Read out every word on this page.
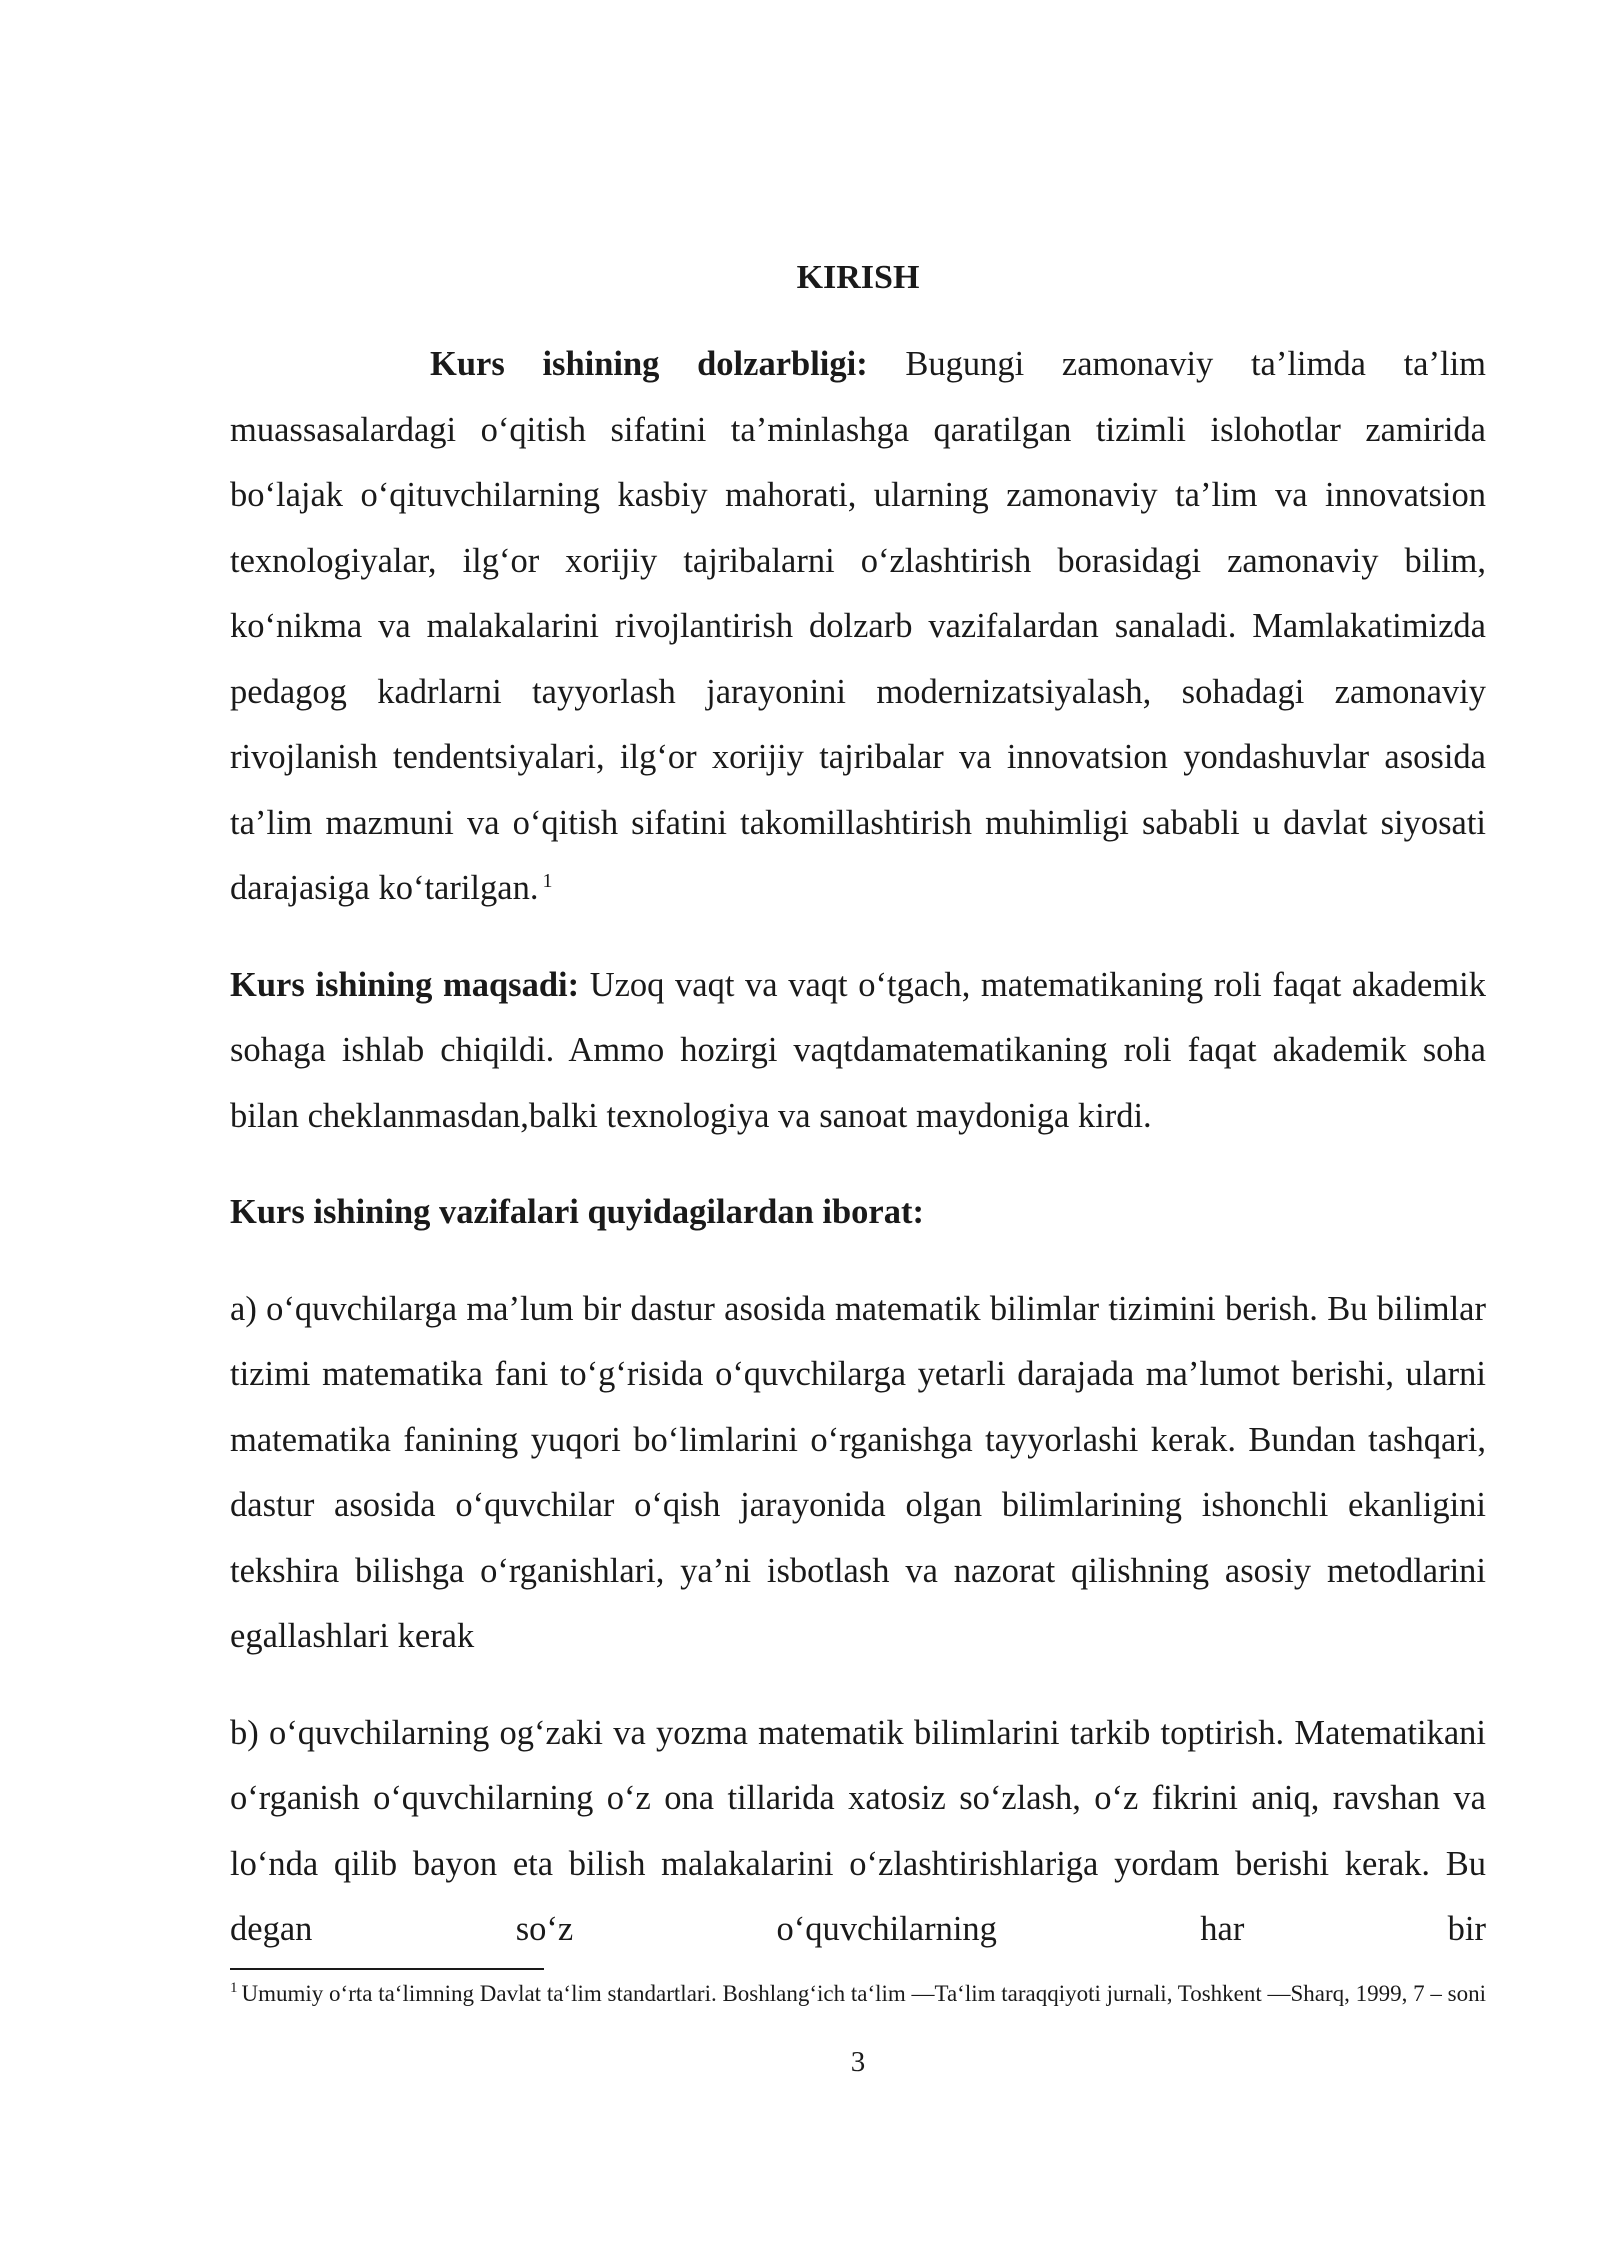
KIRISH

Kurs ishining dolzarbligi: Bugungi zamonaviy ta’limda ta’lim muassasalardagi o‘qitish sifatini ta’minlashga qaratilgan tizimli islohotlar zamirida bo‘lajak o‘qituvchilarning kasbiy mahorati, ularning zamonaviy ta’lim va innovatsion texnologiyalar, ilg‘or xorijiy tajribalarni o‘zlashtirish borasidagi zamonaviy bilim, ko‘nikma va malakalarini rivojlantirish dolzarb vazifalardan sanaladi. Mamlakatimizda pedagog kadrlarni tayyorlash jarayonini modernizatsiyalash, sohadagi zamonaviy rivojlanish tendentsiyalari, ilg‘or xorijiy tajribalar va innovatsion yondashuvlar asosida ta’lim mazmuni va o‘qitish sifatini takomillashtirish muhimligi sababli u davlat siyosati darajasiga ko‘tarilgan. $^1$

Kurs ishining maqsadi: Uzoq vaqt va vaqt o‘tgach, matematikaning roli faqat akademik sohaga ishlab chiqildi. Ammo hozirgi vaqtdamatematikaning roli faqat akademik soha bilan cheklanmasdan,balki texnologiya va sanoat maydoniga kirdi.

Kurs ishining vazifalari quyidagilardan iborat:

a) o‘quvchilarga ma’lum bir dastur asosida matematik bilimlar tizimini berish. Bu bilimlar tizimi matematika fani to‘g‘risida o‘quvchilarga yetarli darajada ma’lumot berishi, ularni matematika fanining yuqori bo‘limlarini o‘rganishga tayyorlashi kerak. Bundan tashqari, dastur asosida o‘quvchilar o‘qish jarayonida olgan bilimlarining ishonchli ekanligini tekshira bilishga o‘rganishlari, ya’ni isbotlash va nazorat qilishning asosiy metodlarini egallashlari kerak

b) o‘quvchilarning og‘zaki va yozma matematik bilimlarini tarkib toptirish. Matematikani o‘rganish o‘quvchilarning o‘z ona tillarida xatosiz so‘zlash, o‘z fikrini aniq, ravshan va lo‘nda qilib bayon eta bilish malakalarini o‘zlashtirishlariga yordam berishi kerak. Bu degan so‘z o‘quvchilarning har bir

$^1$ Umumiy o‘rta ta‘limning Davlat ta‘lim standartlari. Boshlang‘ich ta‘lim —Ta‘lim taraqqiyoti jurnali, Toshkent —Sharq, 1999, 7 – soni
3
